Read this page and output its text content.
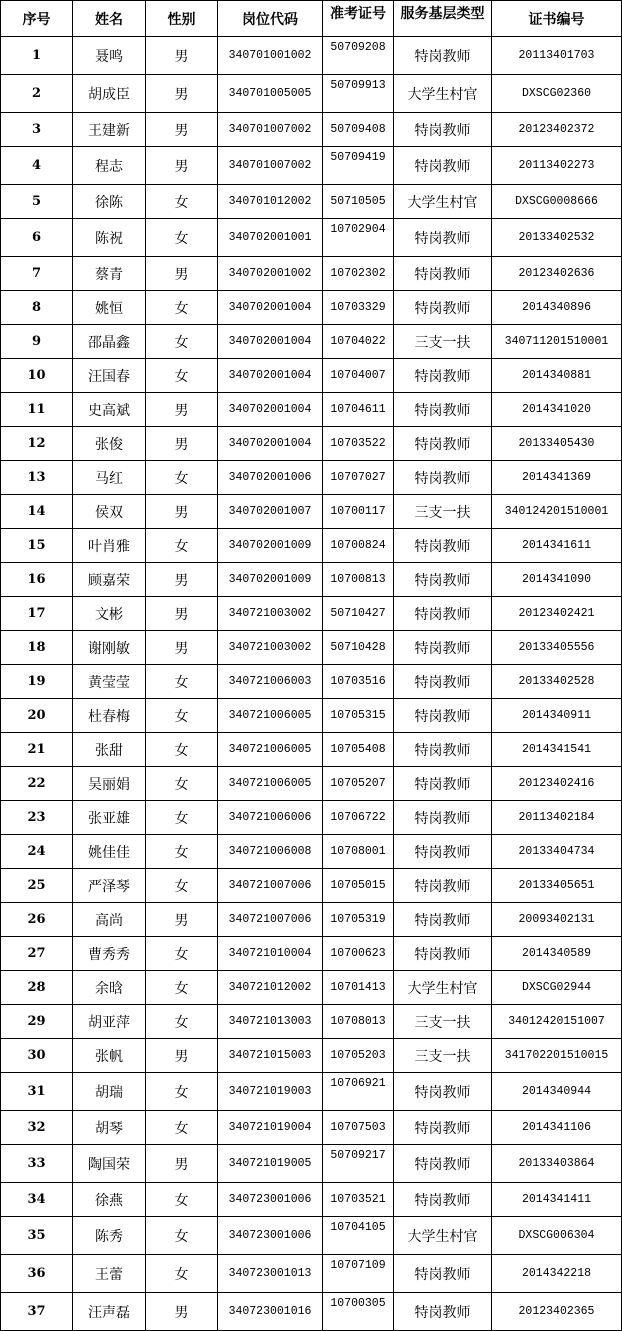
序号	姓名	性别	岗位代码	准考证号	服务基层类型	证书编号
1	聂鸣	男	340701001002	50709208	特岗教师	20113401703
2	胡成臣	男	340701005005	50709913	大学生村官	DXSCG02360
3	王建新	男	340701007002	50709408	特岗教师	20123402372
4	程志	男	340701007002	50709419	特岗教师	20113402273
5	徐陈	女	340701012002	50710505	大学生村官	DXSCG0008666
6	陈祝	女	340702001001	10702904	特岗教师	20133402532
7	蔡青	男	340702001002	10702302	特岗教师	20123402636
8	姚恒	女	340702001004	10703329	特岗教师	2014340896
9	邵晶鑫	女	340702001004	10704022	三支一扶	340711201510001
10	汪国春	女	340702001004	10704007	特岗教师	2014340881
11	史高斌	男	340702001004	10704611	特岗教师	2014341020
12	张俊	男	340702001004	10703522	特岗教师	20133405430
13	马红	女	340702001006	10707027	特岗教师	2014341369
14	侯双	男	340702001007	10700117	三支一扶	340124201510001
15	叶肖雅	女	340702001009	10700824	特岗教师	2014341611
16	顾嘉荣	男	340702001009	10700813	特岗教师	2014341090
17	文彬	男	340721003002	50710427	特岗教师	20123402421
18	谢刚敏	男	340721003002	50710428	特岗教师	20133405556
19	黄莹莹	女	340721006003	10703516	特岗教师	20133402528
20	杜春梅	女	340721006005	10705315	特岗教师	2014340911
21	张甜	女	340721006005	10705408	特岗教师	2014341541
22	吴丽娟	女	340721006005	10705207	特岗教师	20123402416
23	张亚雄	女	340721006006	10706722	特岗教师	20113402184
24	姚佳佳	女	340721006008	10708001	特岗教师	20133404734
25	严泽琴	女	340721007006	10705015	特岗教师	20133405651
26	高尚	男	340721007006	10705319	特岗教师	20093402131
27	曹秀秀	女	340721010004	10700623	特岗教师	2014340589
28	余晗	女	340721012002	10701413	大学生村官	DXSCG02944
29	胡亚萍	女	340721013003	10708013	三支一扶	34012420151007
30	张帆	男	340721015003	10705203	三支一扶	341702201510015
31	胡瑞	女	340721019003	10706921	特岗教师	2014340944
32	胡琴	女	340721019004	10707503	特岗教师	2014341106
33	陶国荣	男	340721019005	50709217	特岗教师	20133403864
34	徐燕	女	340723001006	10703521	特岗教师	2014341411
35	陈秀	女	340723001006	10704105	大学生村官	DXSCG006304
36	王蕾	女	340723001013	10707109	特岗教师	2014342218
37	汪声磊	男	340723001016	10700305	特岗教师	20123402365
